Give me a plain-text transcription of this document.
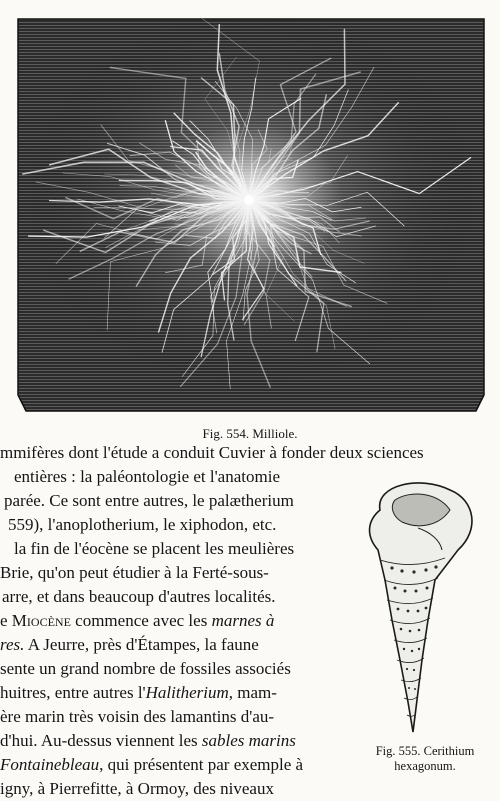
Fig. 554. Milliole.
mmifères dont l'étude a conduit Cuvier à fonder deux sciences
entières : la paléontologie et l'anatomie
parée. Ce sont entre autres, le palætherium
559), l'anoplotherium, le xiphodon, etc.
la fin de l'éocène se placent les meulières
Brie, qu'on peut étudier à la Ferté-sous-
arre, et dans beaucoup d'autres localités.
e Miocène commence avec les marnes à
res. A Jeurre, près d'Étampes, la faune
sente un grand nombre de fossiles associés
huitres, entre autres l'Halitherium, mam-
ère marin très voisin des lamantins d'au-
d'hui. Au-dessus viennent les sables marins
Fontainebleau, qui présentent par exemple à
igny, à Pierrefitte, à Ormoy, des niveaux
Fig. 555. Cerithium
hexagonum.
